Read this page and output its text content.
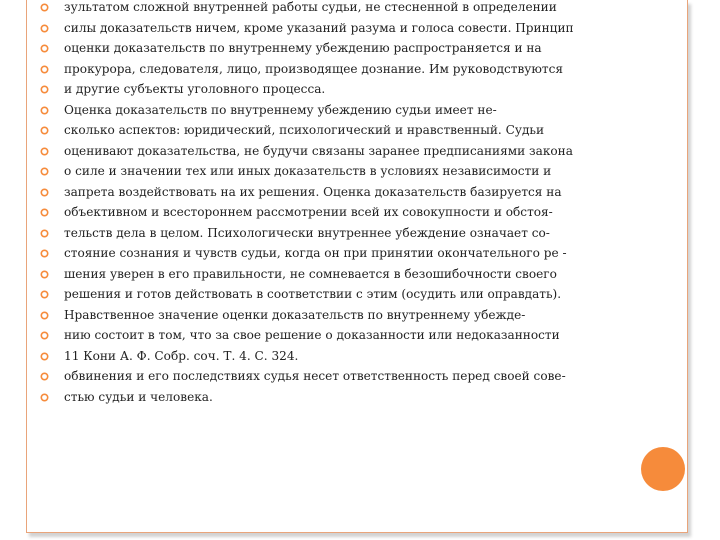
зультатом сложной внутренней работы судьи, не стесненной в определении
силы доказательств ничем, кроме указаний разума и голоса совести. Принцип
оценки доказательств по внутреннему убеждению распространяется и на
прокурора, следователя, лицо, производящее дознание. Им руководствуются
и другие субъекты уголовного процесса.
Оценка доказательств по внутреннему убеждению судьи имеет не-
сколько аспектов: юридический, психологический и нравственный. Судьи
оценивают доказательства, не будучи связаны заранее предписаниями закона
о силе и значении тех или иных доказательств в условиях независимости и
запрета воздействовать на их решения. Оценка доказательств базируется на
объективном и всестороннем рассмотрении всей их совокупности и обстоя-
тельств дела в целом. Психологически внутреннее убеждение означает со-
стояние сознания и чувств судьи, когда он при принятии окончательного ре -
шения уверен в его правильности, не сомневается в безошибочности своего
решения и готов действовать в соответствии с этим (осудить или оправдать).
Нравственное значение оценки доказательств по внутреннему убежде-
нию состоит в том, что за свое решение о доказанности или недоказанности
11 Кони А. Ф. Собр. соч. Т. 4. С. 324.
обвинения и его последствиях судья несет ответственность перед своей сове-
стью судьи и человека.
